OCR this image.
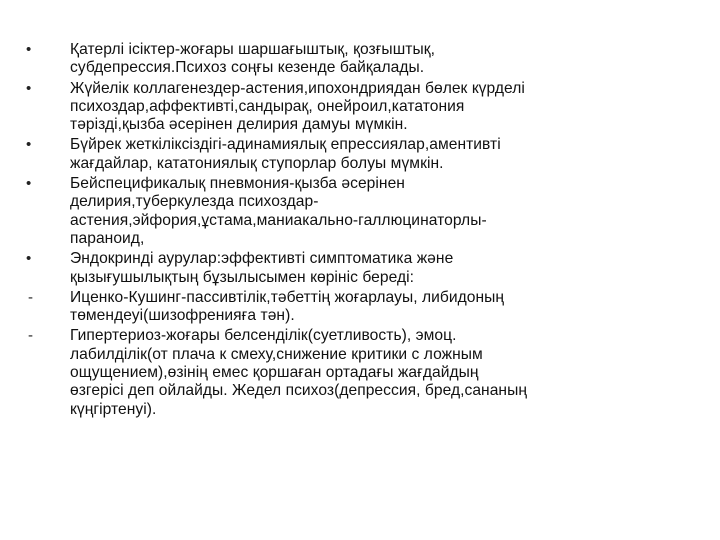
•	Қатерлі ісіктер-жоғары шаршағыштық, қозғыштық,
субдепрессия.Психоз соңғы кезенде байқалады.
•	Жүйелік коллагенездер-астения,ипохондриядан бөлек күрделі
психоздар,аффективті,сандырақ, онейроил,кататония
тәрізді,қызба әсерінен делирия дамуы мүмкін.
•	Бүйрек жеткіліксіздігі-адинамиялық епрессиялар,аментивті
жағдайлар, кататониялық ступорлар болуы мүмкін.
•	Бейспецификалық пневмония-қызба әсерінен
делирия,туберкулезда психоздар-
астения,эйфория,ұстама,маниакально-галлюцинаторлы-
параноид,
•	Эндокринді аурулар:эффективті симптоматика және
қызығушылықтың бұзылысымен көрініс береді:
-	Иценко-Кушинг-пассивтілік,тәбеттің жоғарлауы, либидоның
төмендеуі(шизофренияға тән).
-	Гипертериоз-жоғары белсенділік(суетливость), эмоц.
лабилділік(от плача к смеху,снижение критики с ложным
ощущением),өзінің емес қоршаған ортадағы жағдайдың
өзгерісі деп ойлайды. Жедел психоз(депрессия, бред,сананың
күңгіртенуі).
